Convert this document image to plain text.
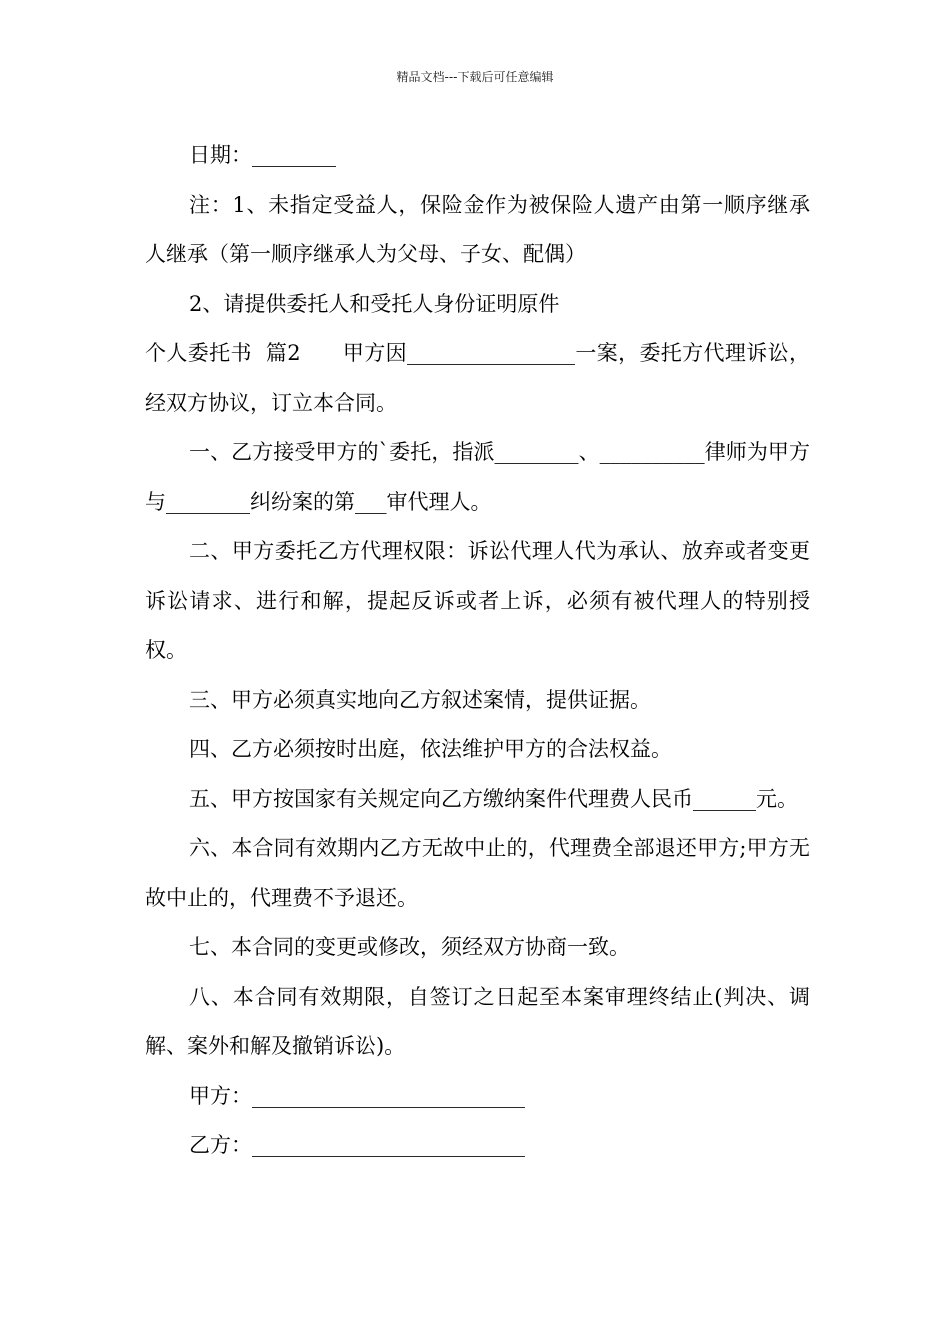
精品文档---下载后可任意编辑

日期：________

注：1、未指定受益人，保险金作为被保险人遗产由第一顺序继承人继承（第一顺序继承人为父母、子女、配偶）

2、请提供委托人和受托人身份证明原件

个人委托书  篇2      甲方因________________一案，委托方代理诉讼，经双方协议，订立本合同。

一、乙方接受甲方的`委托，指派________、__________律师为甲方与________纠纷案的第___审代理人。

二、甲方委托乙方代理权限：诉讼代理人代为承认、放弃或者变更诉讼请求、进行和解，提起反诉或者上诉，必须有被代理人的特别授权。

三、甲方必须真实地向乙方叙述案情，提供证据。

四、乙方必须按时出庭，依法维护甲方的合法权益。

五、甲方按国家有关规定向乙方缴纳案件代理费人民币______元。

六、本合同有效期内乙方无故中止的，代理费全部退还甲方;甲方无故中止的，代理费不予退还。

七、本合同的变更或修改，须经双方协商一致。

八、本合同有效期限，自签订之日起至本案审理终结止(判决、调解、案外和解及撤销诉讼)。

甲方：__________________________

乙方：__________________________
